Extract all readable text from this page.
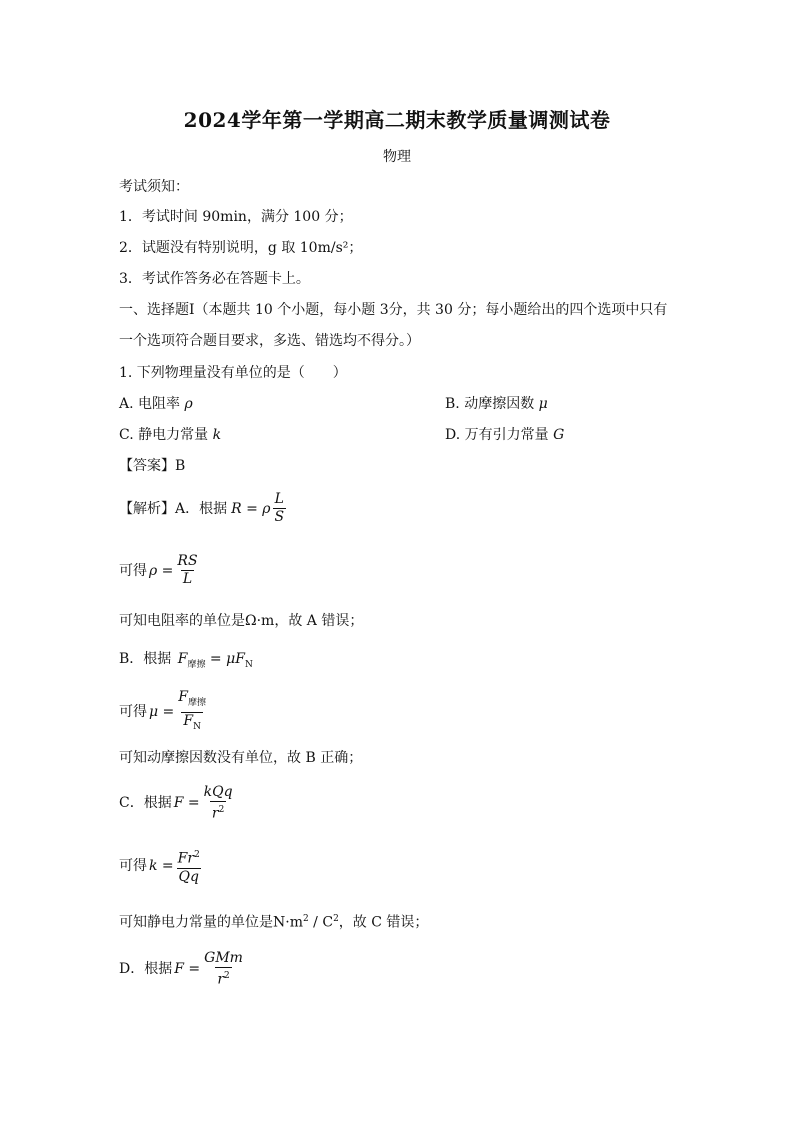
2024学年第一学期高二期末教学质量调测试卷
物理
考试须知：
1．考试时间 90min，满分 100 分；
2．试题没有特别说明，g 取 10m/s²；
3．考试作答务必在答题卡上。
一、选择题Ⅰ（本题共 10 个小题，每小题 3分，共 30 分；每小题给出的四个选项中只有
一个选项符合题目要求，多选、错选均不得分。）
1. 下列物理量没有单位的是（　　）
A. 电阻率 ρ	B. 动摩擦因数 μ
C. 静电力常量 k	D. 万有引力常量 G
【答案】B
【解析】A．根据 R = ρ $\frac{L}{S}$
可得 $\rho = \frac{RS}{L}$
可知电阻率的单位是Ω·m，故 A 错误；
B．根据 $F_{摩擦} = \mu F_N$
可得 $\mu = \frac{F_{摩擦}}{F_N}$
可知动摩擦因数没有单位，故 B 正确；
C．根据 $F = \frac{\text{kQq}}{r^2}$
可得 $k = \frac{Fr^2}{Qq}$
可知静电力常量的单位是$N\cdot m^2 / C^2$，故 C 错误；
D．根据 $F = \frac{\text{GMm}}{r^2}$
